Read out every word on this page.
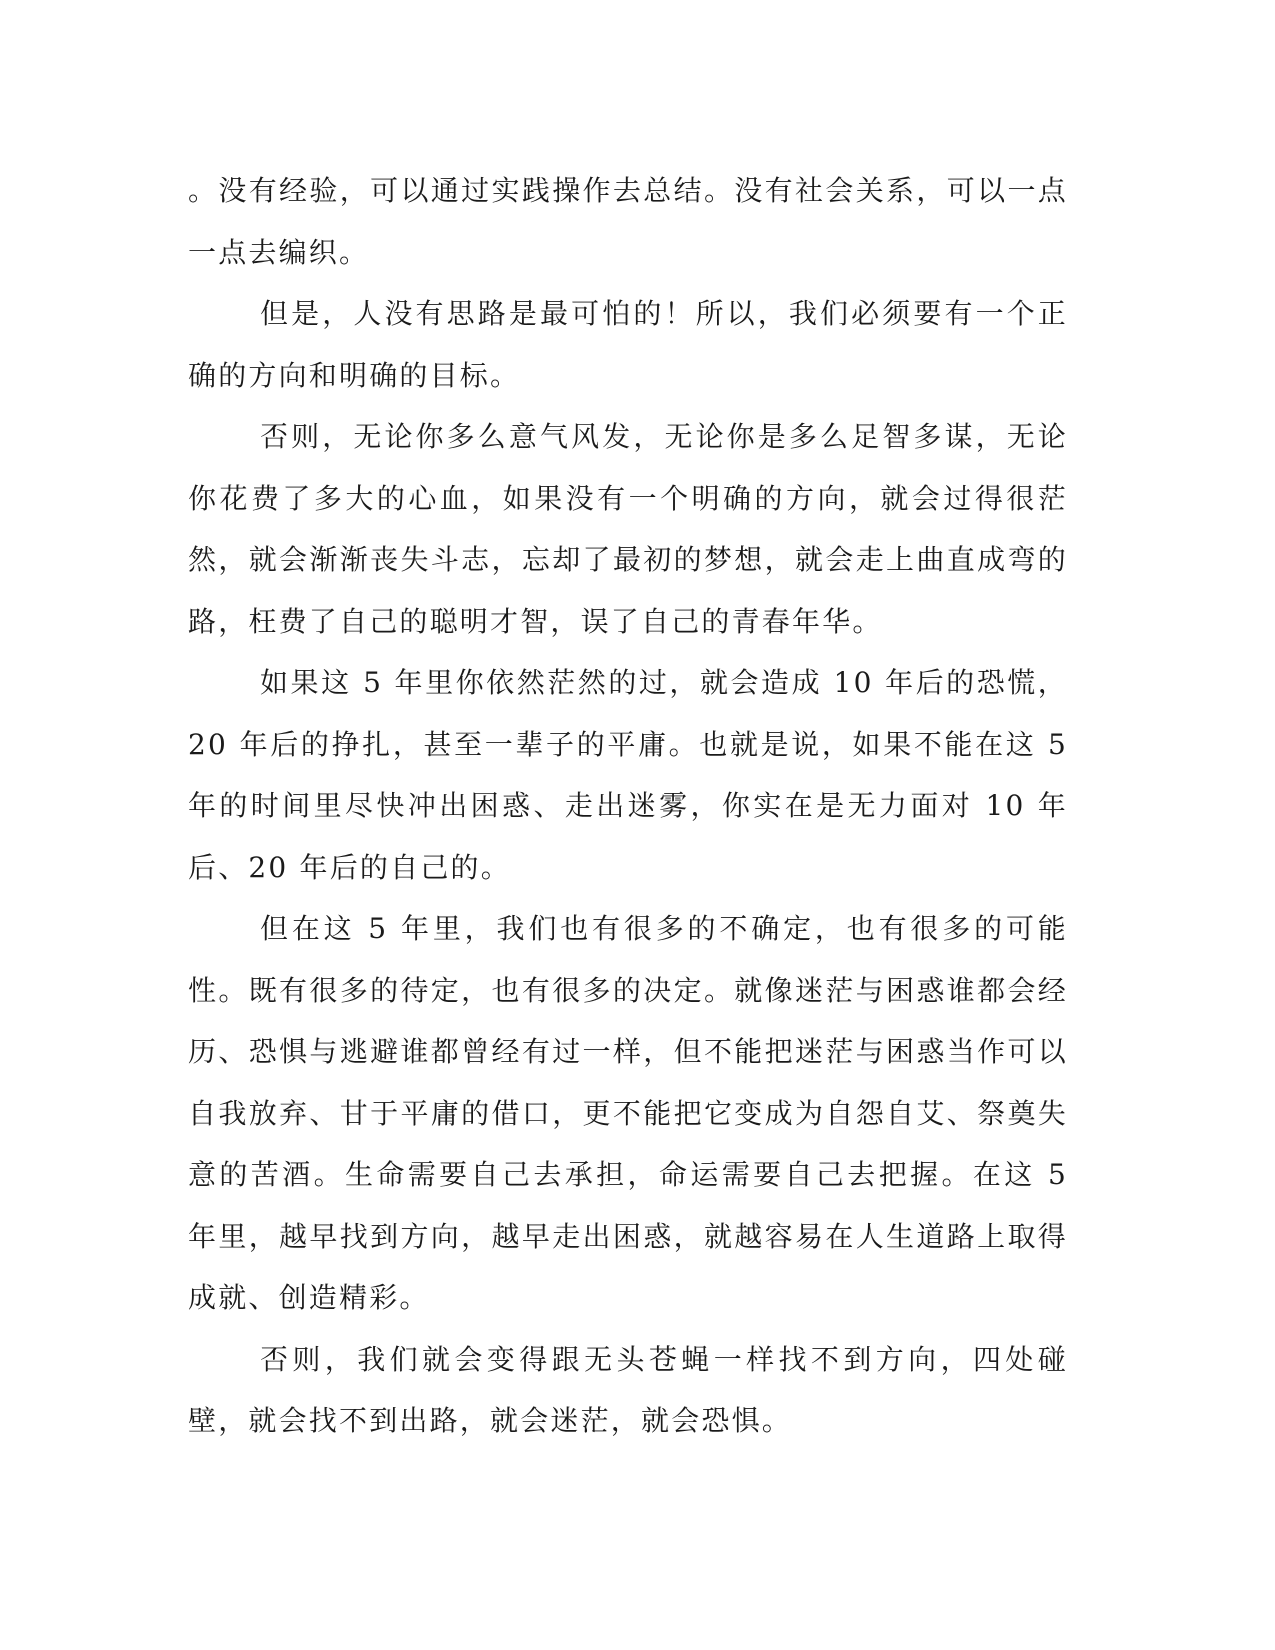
。没有经验，可以通过实践操作去总结。没有社会关系，可以一点一点去编织。

但是，人没有思路是最可怕的！所以，我们必须要有一个正确的方向和明确的目标。

否则，无论你多么意气风发，无论你是多么足智多谋，无论你花费了多大的心血，如果没有一个明确的方向，就会过得很茫然，就会渐渐丧失斗志，忘却了最初的梦想，就会走上曲直成弯的路，枉费了自己的聪明才智，误了自己的青春年华。

如果这 5 年里你依然茫然的过，就会造成 10 年后的恐慌，20 年后的挣扎，甚至一辈子的平庸。也就是说，如果不能在这 5 年的时间里尽快冲出困惑、走出迷雾，你实在是无力面对 10 年后、20 年后的自己的。

但在这 5 年里，我们也有很多的不确定，也有很多的可能性。既有很多的待定，也有很多的决定。就像迷茫与困惑谁都会经历、恐惧与逃避谁都曾经有过一样，但不能把迷茫与困惑当作可以自我放弃、甘于平庸的借口，更不能把它变成为自怨自艾、祭奠失意的苦酒。生命需要自己去承担，命运需要自己去把握。在这 5 年里，越早找到方向，越早走出困惑，就越容易在人生道路上取得成就、创造精彩。

否则，我们就会变得跟无头苍蝇一样找不到方向，四处碰壁，就会找不到出路，就会迷茫，就会恐惧。
